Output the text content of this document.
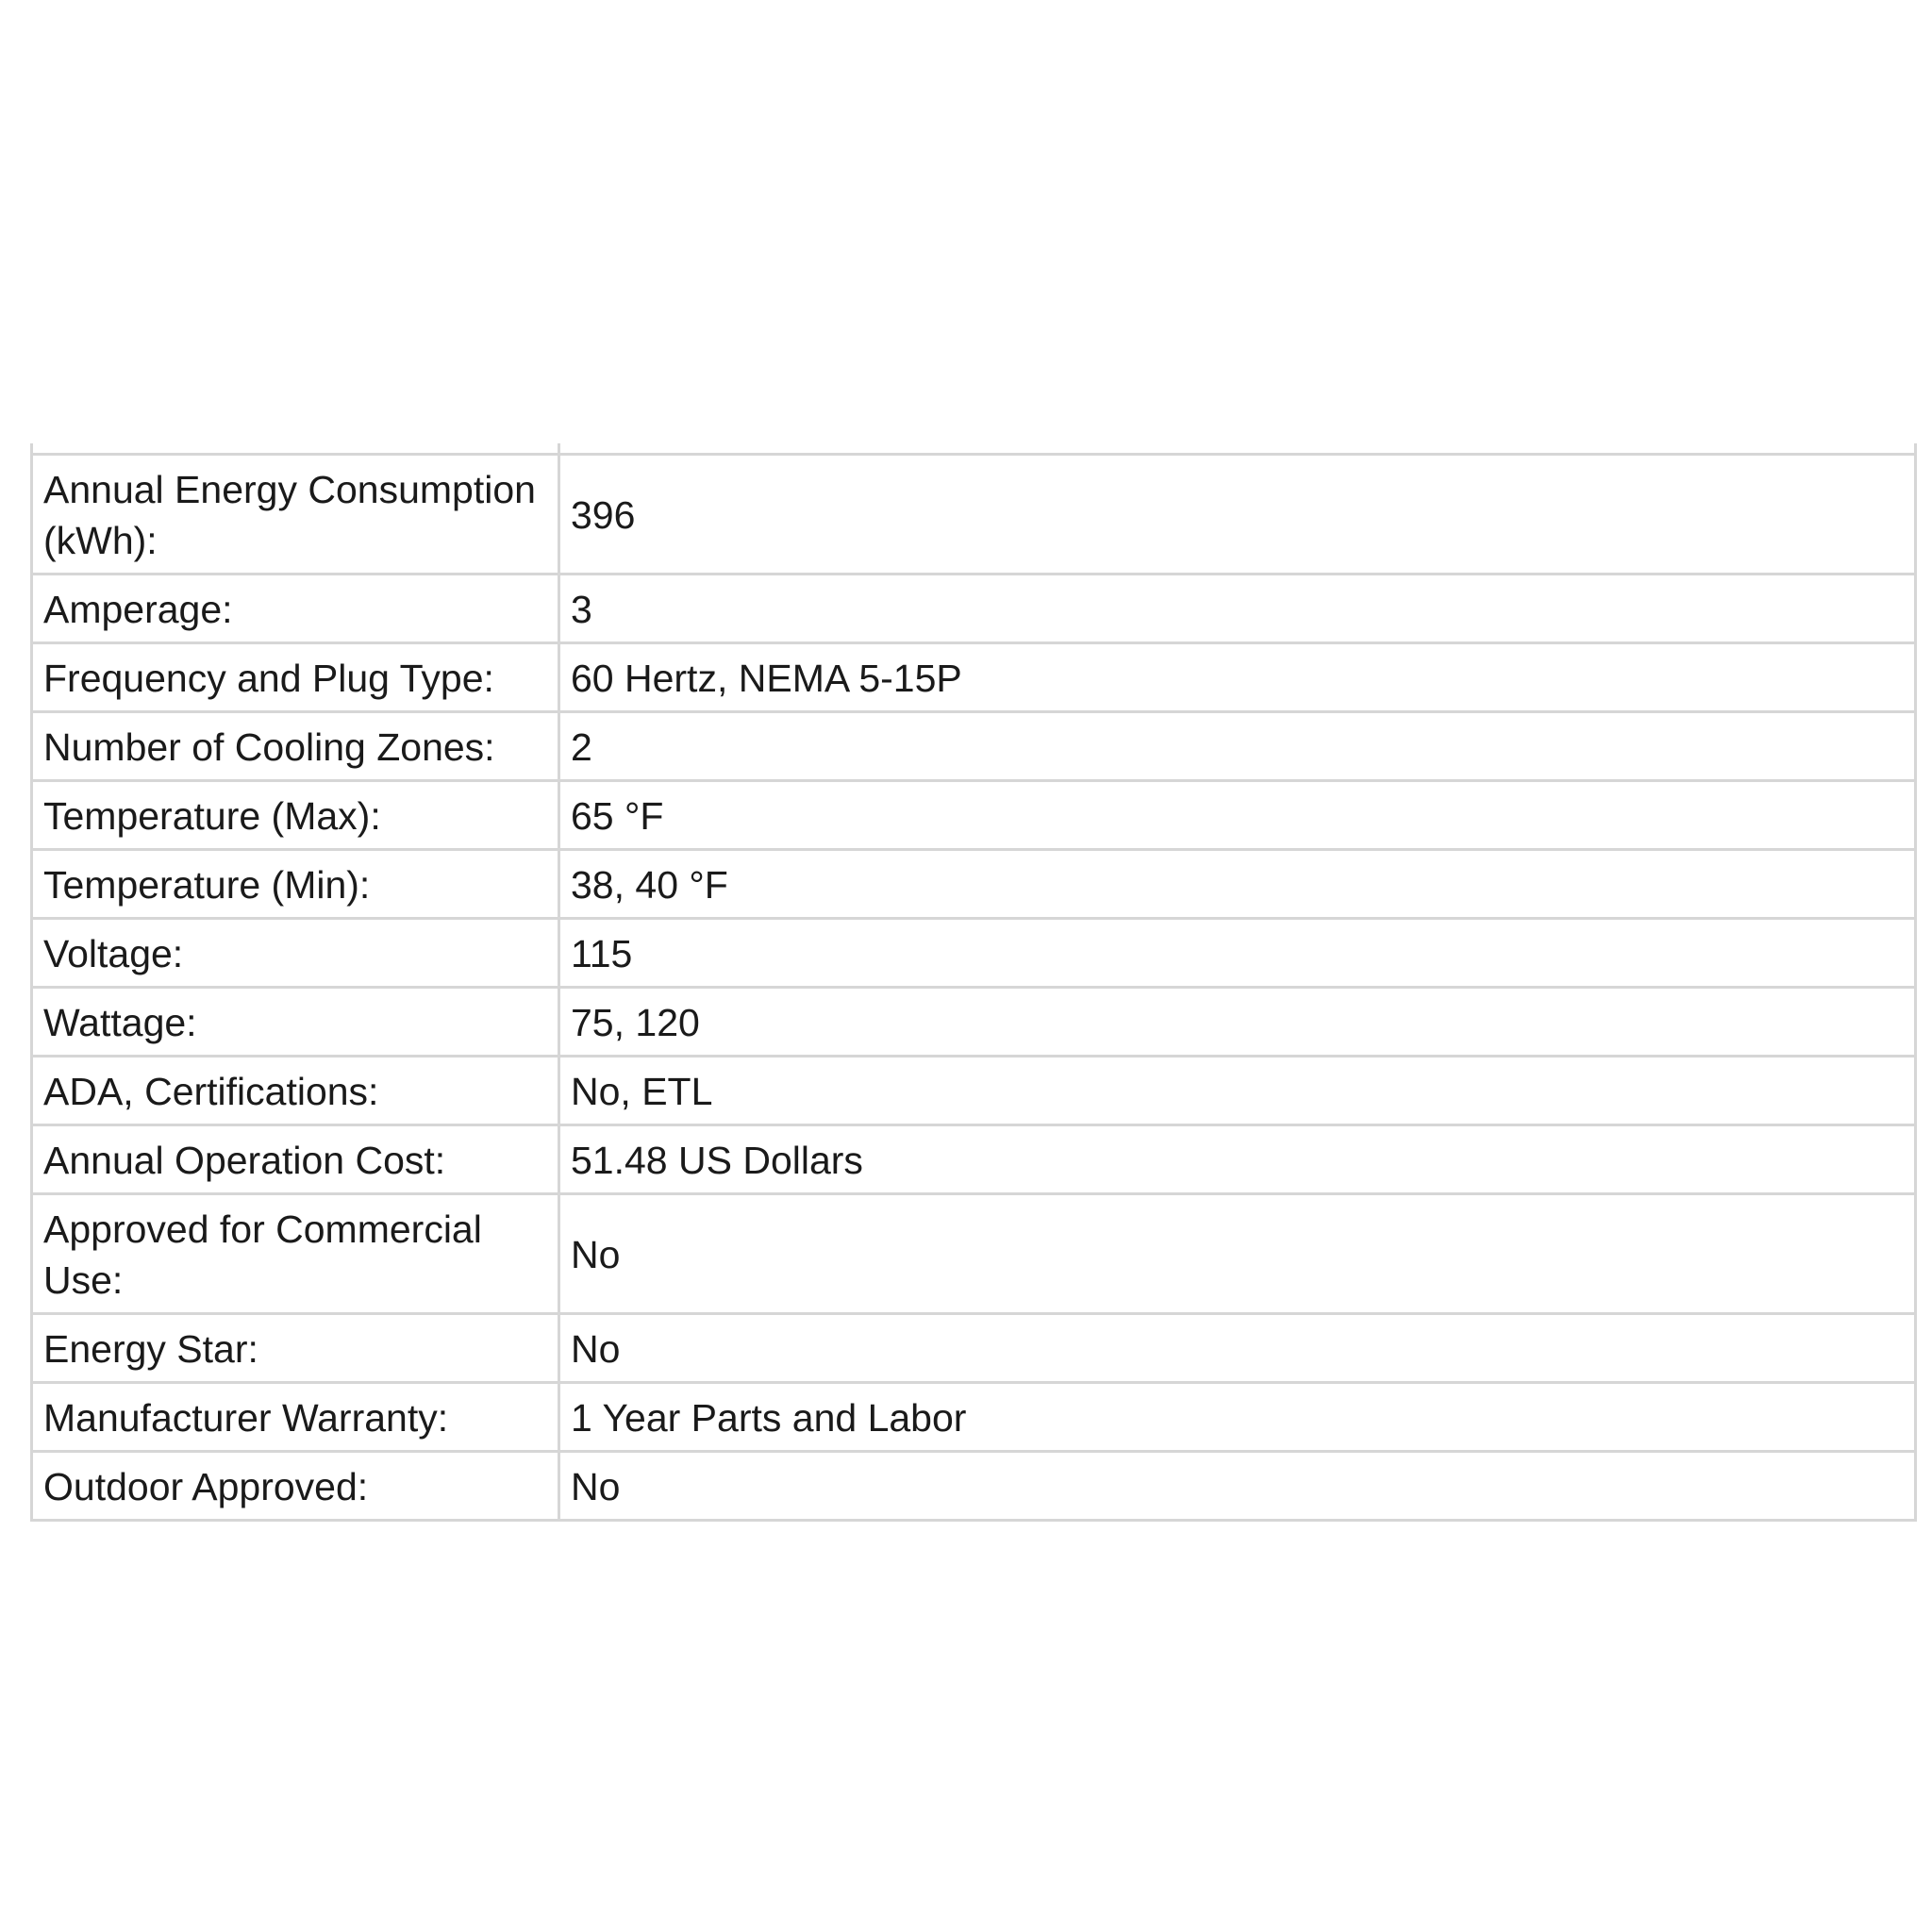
Annual Energy Consumption (kWh):	396
Amperage:	3
Frequency and Plug Type:	60 Hertz, NEMA 5-15P
Number of Cooling Zones:	2
Temperature (Max):	65 °F
Temperature (Min):	38, 40 °F
Voltage:	115
Wattage:	75, 120
ADA, Certifications:	No, ETL
Annual Operation Cost:	51.48 US Dollars
Approved for Commercial Use:	No
Energy Star:	No
Manufacturer Warranty:	1 Year Parts and Labor
Outdoor Approved:	No
